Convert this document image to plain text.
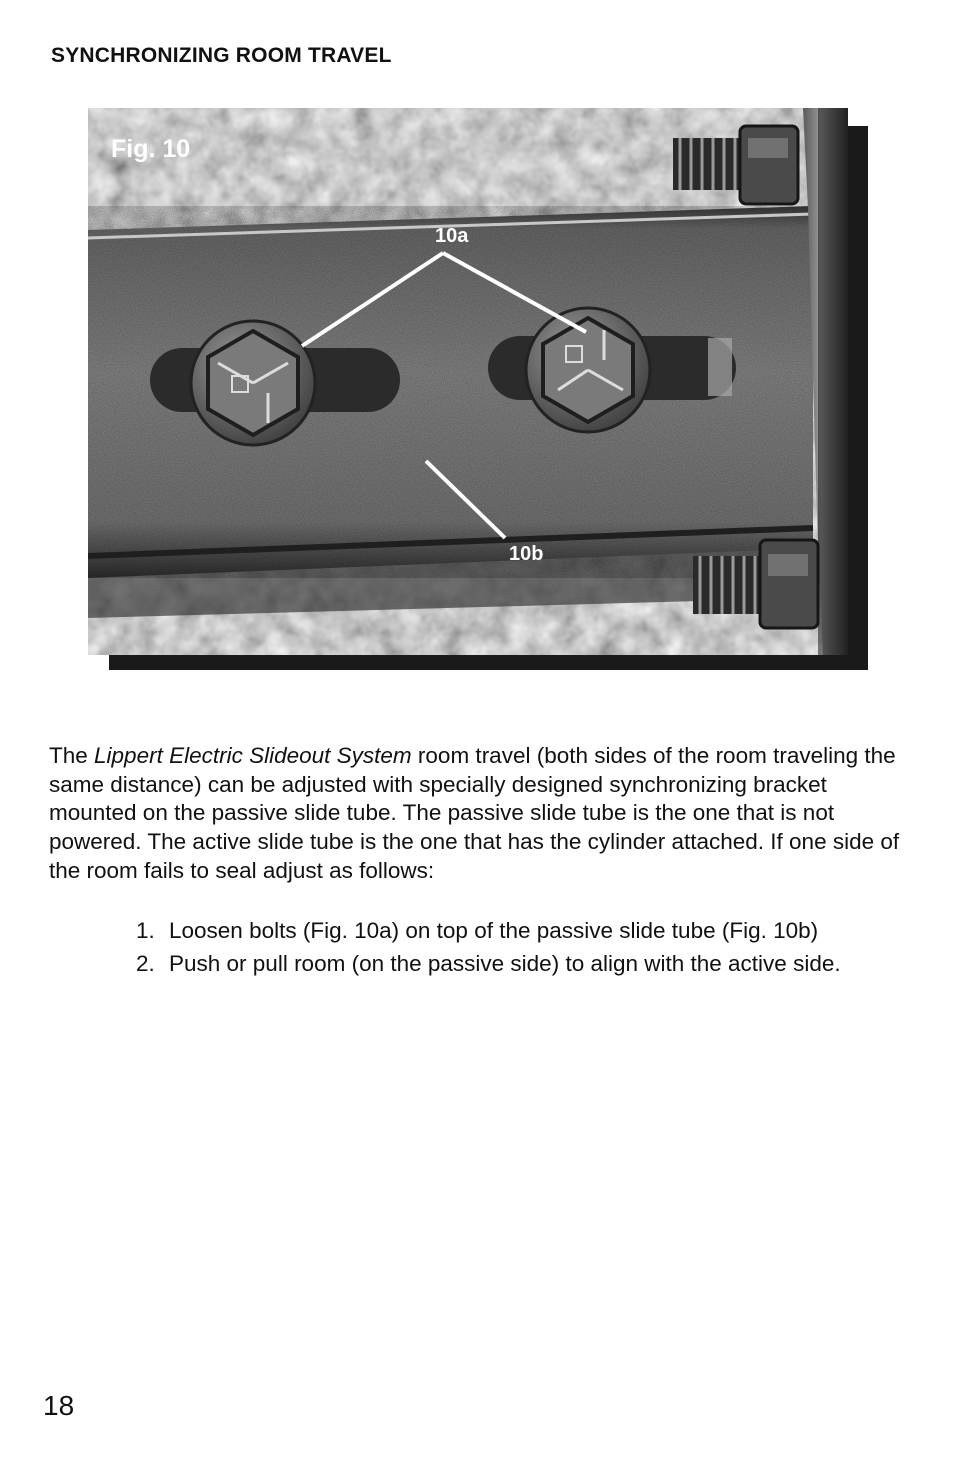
SYNCHRONIZING ROOM TRAVEL
Fig. 10
10a
10b

The Lippert Electric Slideout System room travel (both sides of the room traveling the same distance) can be adjusted with specially designed synchronizing bracket mounted on the passive slide tube. The passive slide tube is the one that is not powered. The active slide tube is the one that has the cylinder attached. If one side of the room fails to seal adjust as follows:

1. Loosen bolts (Fig. 10a) on top of the passive slide tube (Fig. 10b)
2. Push or pull room (on the passive side) to align with the active side.
18
